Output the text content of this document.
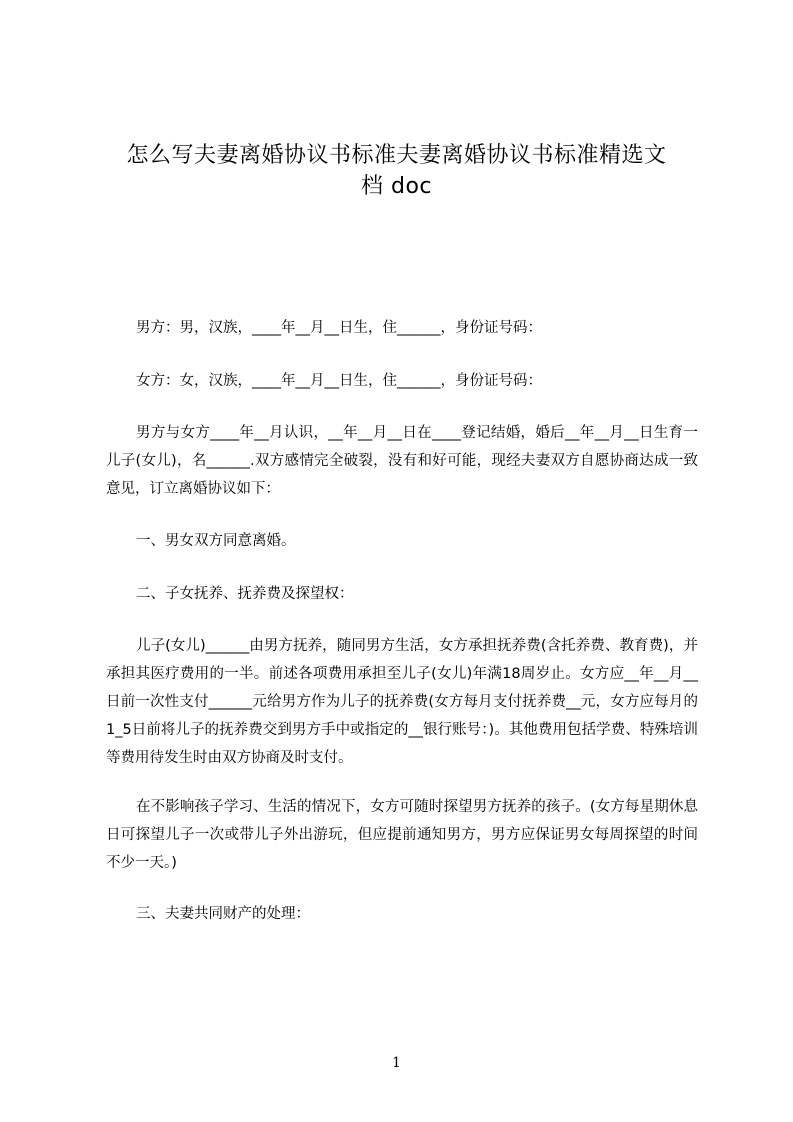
怎么写夫妻离婚协议书标准夫妻离婚协议书标准精选文
档 doc
男方：男，汉族，____年__月__日生，住______，身份证号码：
女方：女，汉族，____年__月__日生，住______，身份证号码：
男方与女方____年__月认识，__年__月__日在____登记结婚，婚后__年__月__日生育一儿子(女儿)，名______.双方感情完全破裂，没有和好可能，现经夫妻双方自愿协商达成一致意见，订立离婚协议如下：
一、男女双方同意离婚。
二、子女抚养、抚养费及探望权：
儿子(女儿)______由男方抚养，随同男方生活，女方承担抚养费(含托养费、教育费)，并承担其医疗费用的一半。前述各项费用承担至儿子(女儿)年满18周岁止。女方应__年__月__日前一次性支付______元给男方作为儿子的抚养费(女方每月支付抚养费__元，女方应每月的1_5日前将儿子的抚养费交到男方手中或指定的__银行账号：)。其他费用包括学费、特殊培训等费用待发生时由双方协商及时支付。
在不影响孩子学习、生活的情况下，女方可随时探望男方抚养的孩子。(女方每星期休息日可探望儿子一次或带儿子外出游玩，但应提前通知男方，男方应保证男女每周探望的时间不少一天。)
三、夫妻共同财产的处理：
1
